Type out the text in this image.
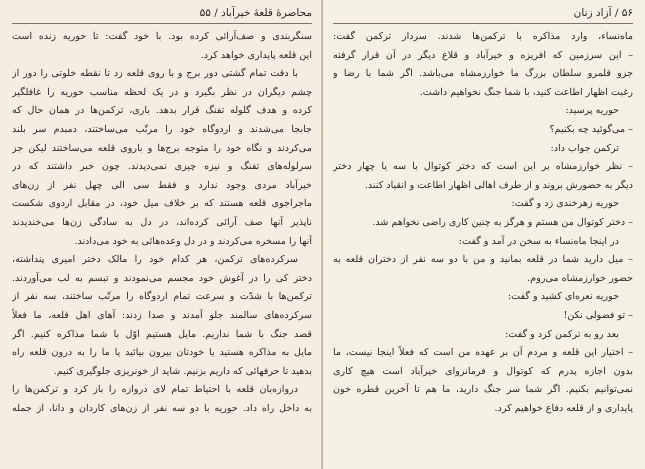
محاصرهٔ قلعهٔ خیرآباد / ۵۵
سنگربندی و صف‌آرائی کرده بود. با خود گفت: تا حوریه زنده است
این قلعه پایداری خواهد کرد.
با دقت تمام گشتی دور برج و با روی قلعه زد تا نقطه خلوتی را دور از
چشم دیگران در نظر بگیرد و در یک لحظه مناسب حوریه را غافلگیر
کرده و هدف گلوله تفنگ قرار بدهد. باری، ترکمن‌ها در همان حال که
جابجا می‌شدند و اردوگاه خود را مرتّب می‌ساختند، دمبدم سر بلند
می‌کردند و نگاه خود را متوجه برج‌ها و باروی قلعه می‌ساختند لیکن جز
سرلوله‌های تفنگ و نیزه چیزی نمی‌دیدند. چون خبر داشتند که در
خیرآباد مردی وجود ندارد و فقط سی الی چهل نفر از زن‌های
ماجراجوی قلعه هستند که بر خلاف میل خود، در مقابل اردوی شکست
ناپذیر آنها صف آرائی کرده‌اند، در دل به سادگی زن‌ها می‌خندیدند
آنها را مسخره می‌کردند و در دل وعده‌هائی به خود می‌دادند.
سرکرده‌های ترکمن، هر کدام خود را مالک دختر امیری پنداشته،
دختر کی را در آغوش خود مجسم می‌نمودند و تبسم به لب می‌آوردند.
ترکمن‌ها با شدّت و سرعت تمام اردوگاه را مرتّب ساختند، سه نفر از
سرکرده‌های سالمند جلو آمدند و صدا زدند: آهای اهل قلعه، ما فعلاً
قصد جنگ با شما نداریم. مایل هستیم اوّل با شما مذاکره کنیم. اگر
مایل به مذاکره هستید یا خودتان بیرون بیائید یا ما را به درون قلعه راه
بدهید تا حرفهائی که داریم بزنیم. شاید از خونریزی جلوگیری کنیم.
دروازه‌بان قلعه با احتیاط تمام لای دروازه را باز کرد و ترکمن‌ها را
به داخل راه داد. حوریه با دو سه نفر از زن‌های کاردان و دانا، از جمله
۵۶ / آزاد زنان
ماه‌نساء، وارد مذاکره با ترکمن‌ها شدند. سردار ترکمن گفت:
– این سرزمین که افریزه و خیرآباد و قلاع دیگر در آن قرار گرفته
جزو قلمرو سلطان بزرگ ما خوارزمشاه می‌باشد. اگر شما با رضا و
رغبت اظهار اطاعت کنید، با شما جنگ نخواهیم داشت.
حوریه پرسید:
– می‌گوئید چه بکنیم؟
ترکمن جواب داد:
– نظر خوارزمشاه بر این است که دختر کوتوال با سه یا چهار دختر
دیگر به حضورش بروند و از طرف اهالی اظهار اطاعت و انقیاد کنند.
حوریه زهرخندی زد و گفت:
– دختر کوتوال من هستم و هرگز به چنین کاری راضی نخواهم شد.
در اینجا ماه‌نساء به سخن در آمد و گفت:
– میل دارید شما در قلعه بمانید و من با دو سه نفر از دختران قلعه به
حضور خوارزمشاه می‌روم.
حوریه نعره‌ای کشید و گفت:
– تو فضولی نکن!
بعد رو به ترکمن کرد و گفت:
– اختیار این قلعه و مردم آن بر عهده من است که فعلاً اینجا نیست، ما
بدون اجازه پدرم که کوتوال و فرمانروای خیرآباد است هیچ کاری
نمی‌توانیم بکنیم. اگر شما سر جنگ دارید، ما هم تا آخرین قطره خون
پایداری و از قلعه دفاع خواهیم کرد.
